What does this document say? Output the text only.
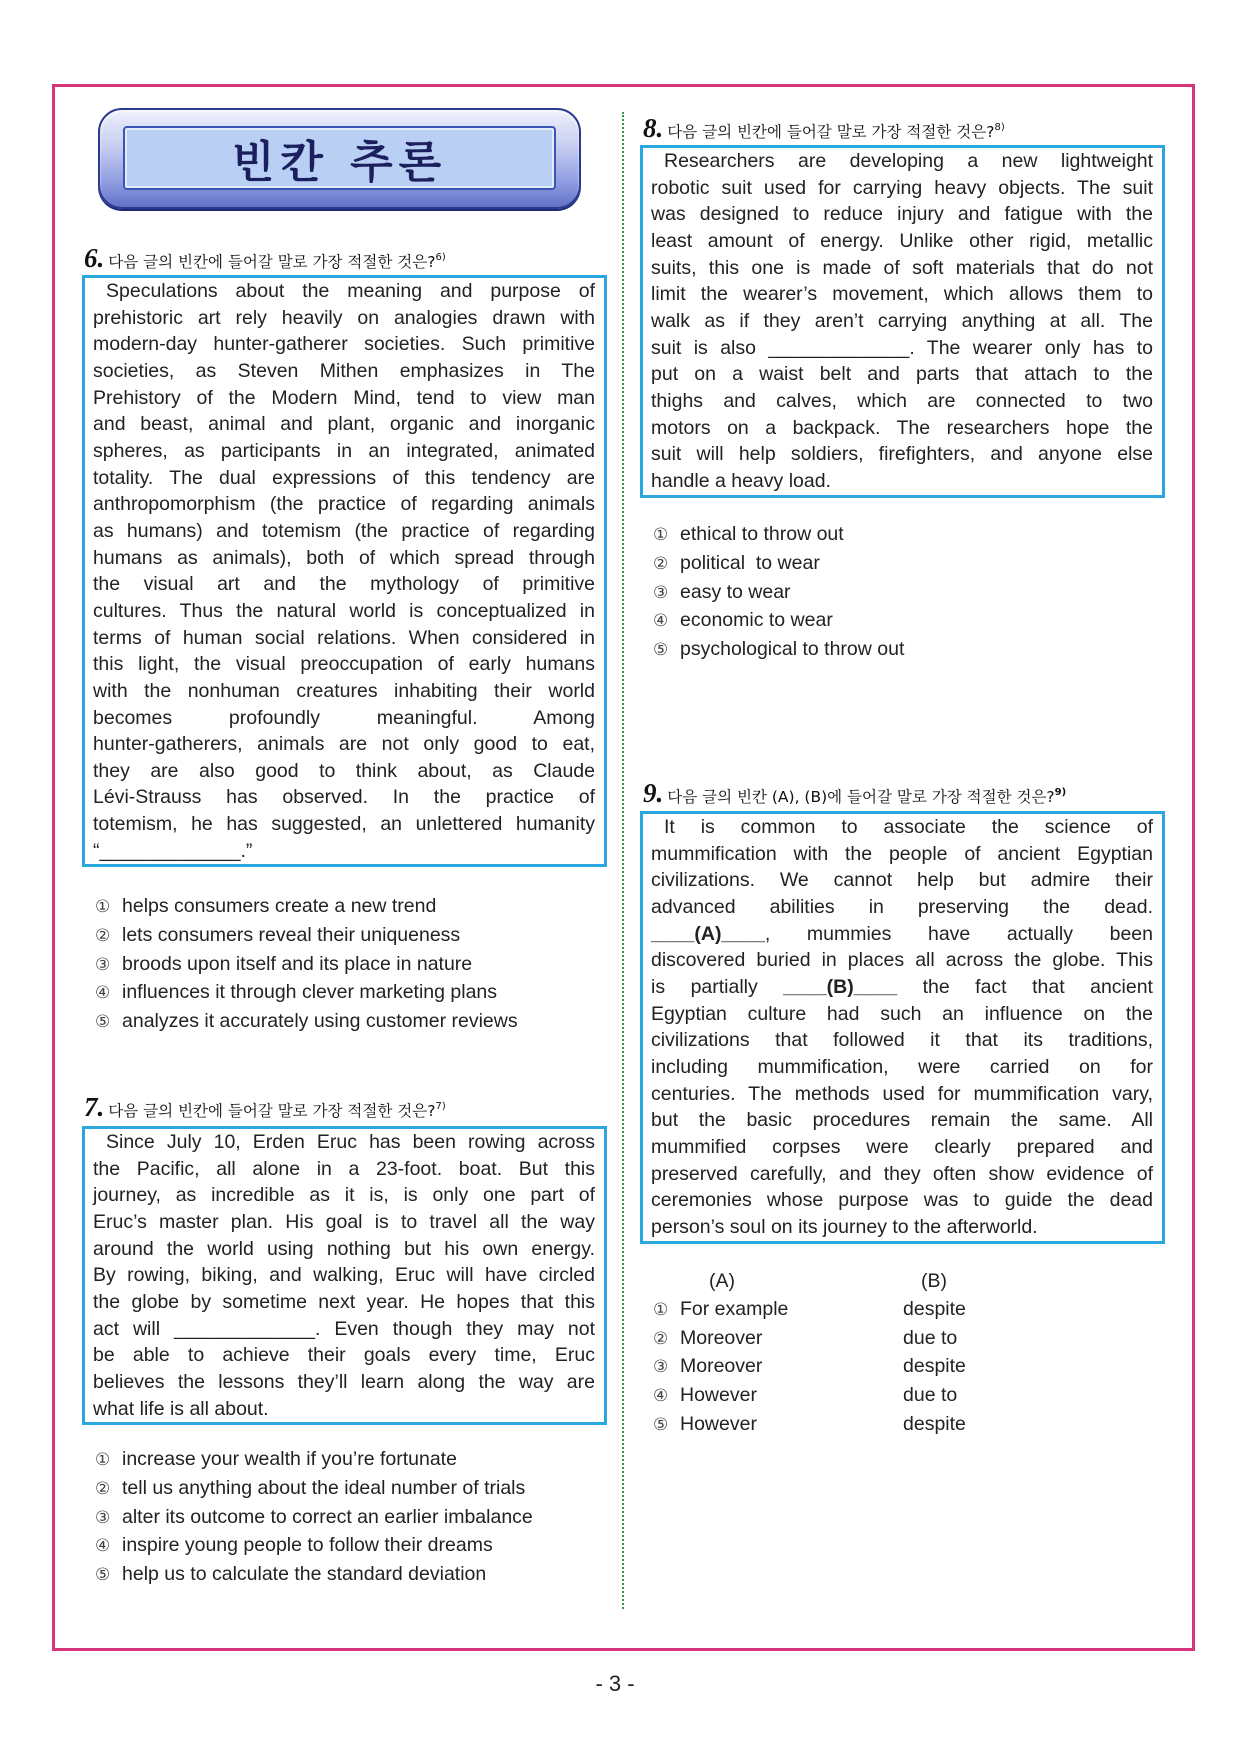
빈칸 추론
6. 다음 글의 빈칸에 들어갈 말로 가장 적절한 것은?$^{6)}$
Speculations about the meaning and purpose of
prehistoric art rely heavily on analogies drawn with
modern-day hunter-gatherer societies. Such primitive
societies, as Steven Mithen emphasizes in The
Prehistory of the Modern Mind, tend to view man
and beast, animal and plant, organic and inorganic
spheres, as participants in an integrated, animated
totality. The dual expressions of this tendency are
anthropomorphism (the practice of regarding animals
as humans) and totemism (the practice of regarding
humans as animals), both of which spread through
the visual art and the mythology of primitive
cultures. Thus the natural world is conceptualized in
terms of human social relations. When considered in
this light, the visual preoccupation of early humans
with the nonhuman creatures inhabiting their world
becomes profoundly meaningful. Among
hunter-gatherers, animals are not only good to eat,
they are also good to think about, as Claude
Lévi-Strauss has observed. In the practice of
totemism, he has suggested, an unlettered humanity
“_____________.”
① helps consumers create a new trend
② lets consumers reveal their uniqueness
③ broods upon itself and its place in nature
④ influences it through clever marketing plans
⑤ analyzes it accurately using customer reviews
7. 다음 글의 빈칸에 들어갈 말로 가장 적절한 것은?$^{7)}$
Since July 10, Erden Eruc has been rowing across
the Pacific, all alone in a 23-foot. boat. But this
journey, as incredible as it is, is only one part of
Eruc’s master plan. His goal is to travel all the way
around the world using nothing but his own energy.
By rowing, biking, and walking, Eruc will have circled
the globe by sometime next year. He hopes that this
act will _____________. Even though they may not
be able to achieve their goals every time, Eruc
believes the lessons they’ll learn along the way are
what life is all about.
① increase your wealth if you’re fortunate
② tell us anything about the ideal number of trials
③ alter its outcome to correct an earlier imbalance
④ inspire young people to follow their dreams
⑤ help us to calculate the standard deviation
8. 다음 글의 빈칸에 들어갈 말로 가장 적절한 것은?$^{8)}$
Researchers are developing a new lightweight
robotic suit used for carrying heavy objects. The suit
was designed to reduce injury and fatigue with the
least amount of energy. Unlike other rigid, metallic
suits, this one is made of soft materials that do not
limit the wearer’s movement, which allows them to
walk as if they aren’t carrying anything at all. The
suit is also _____________. The wearer only has to
put on a waist belt and parts that attach to the
thighs and calves, which are connected to two
motors on a backpack. The researchers hope the
suit will help soldiers, firefighters, and anyone else
handle a heavy load.
① ethical to throw out
② political  to wear
③ easy to wear
④ economic to wear
⑤ psychological to throw out
9. 다음 글의 빈칸 (A), (B)에 들어갈 말로 가장 적절한 것은?$^{9)}$
It is common to associate the science of
mummification with the people of ancient Egyptian
civilizations. We cannot help but admire their
advanced abilities in preserving the dead.
____(A)____, mummies have actually been
discovered buried in places all across the globe. This
is partially ____(B)____ the fact that ancient
Egyptian culture had such an influence on the
civilizations that followed it that its traditions,
including mummification, were carried on for
centuries. The methods used for mummification vary,
but the basic procedures remain the same. All
mummified corpses were clearly prepared and
preserved carefully, and they often show evidence of
ceremonies whose purpose was to guide the dead
person’s soul on its journey to the afterworld.
(A)	(B)
① For example	despite
② Moreover	due to
③ Moreover	despite
④ However	due to
⑤ However	despite
- 3 -
